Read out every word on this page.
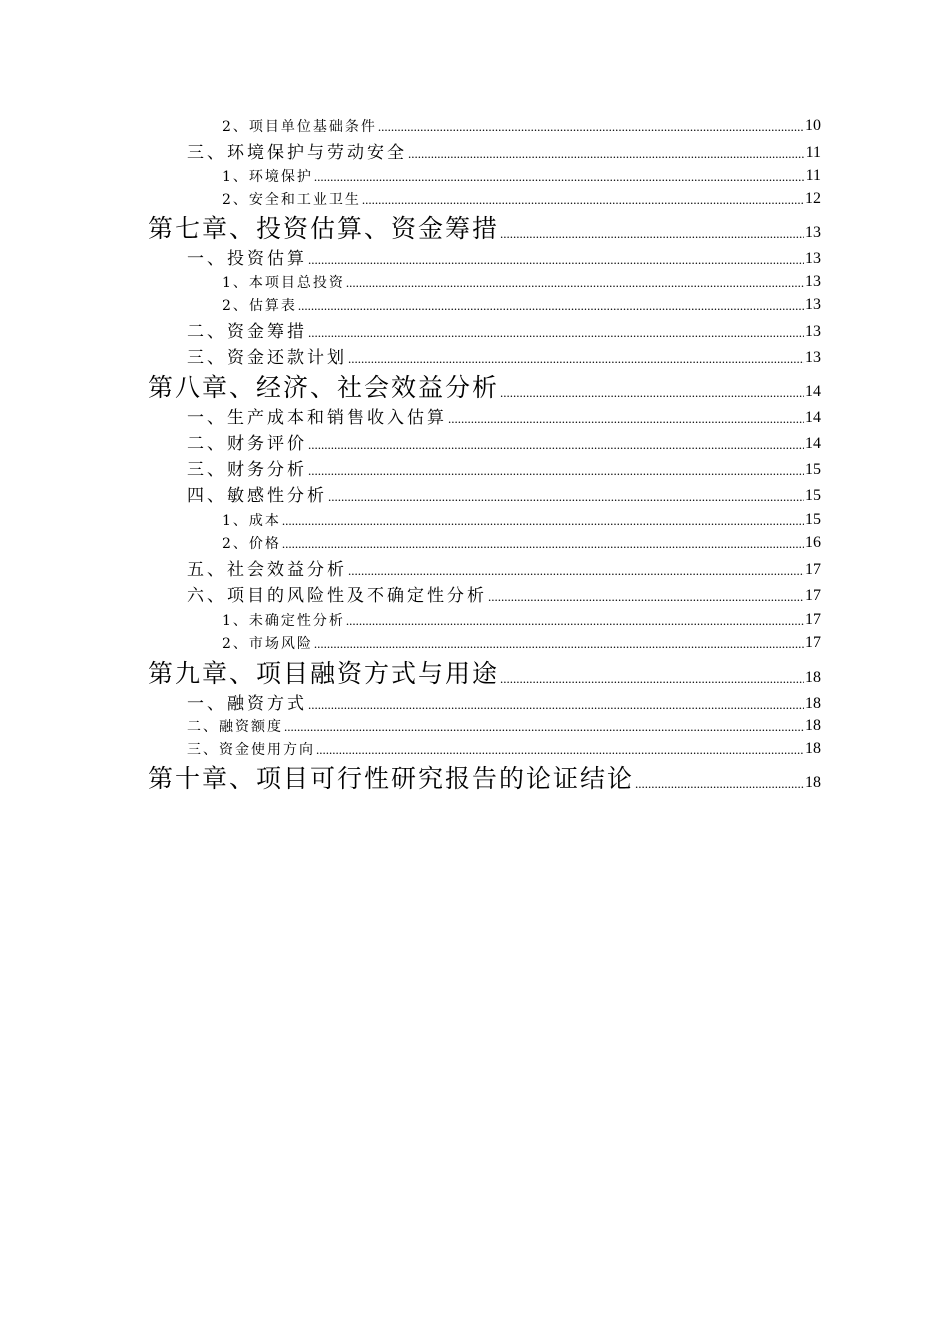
2、项目单位基础条件 .....	10
三、环境保护与劳动安全 .....	11
1、环境保护 .....	11
2、安全和工业卫生 .....	12
第七章、投资估算、资金筹措 .....	13
一、投资估算 .....	13
1、本项目总投资 .....	13
2、估算表 .....	13
二、资金筹措 .....	13
三、资金还款计划 .....	13
第八章、经济、社会效益分析 .....	14
一、生产成本和销售收入估算 .....	14
二、财务评价 .....	14
三、财务分析 .....	15
四、敏感性分析 .....	15
1、成本 .....	15
2、价格 .....	16
五、社会效益分析 .....	17
六、项目的风险性及不确定性分析 .....	17
1、未确定性分析 .....	17
2、市场风险 .....	17
第九章、项目融资方式与用途 .....	18
一、融资方式 .....	18
二、融资额度 .....	18
三、资金使用方向 .....	18
第十章、项目可行性研究报告的论证结论 .....	18
